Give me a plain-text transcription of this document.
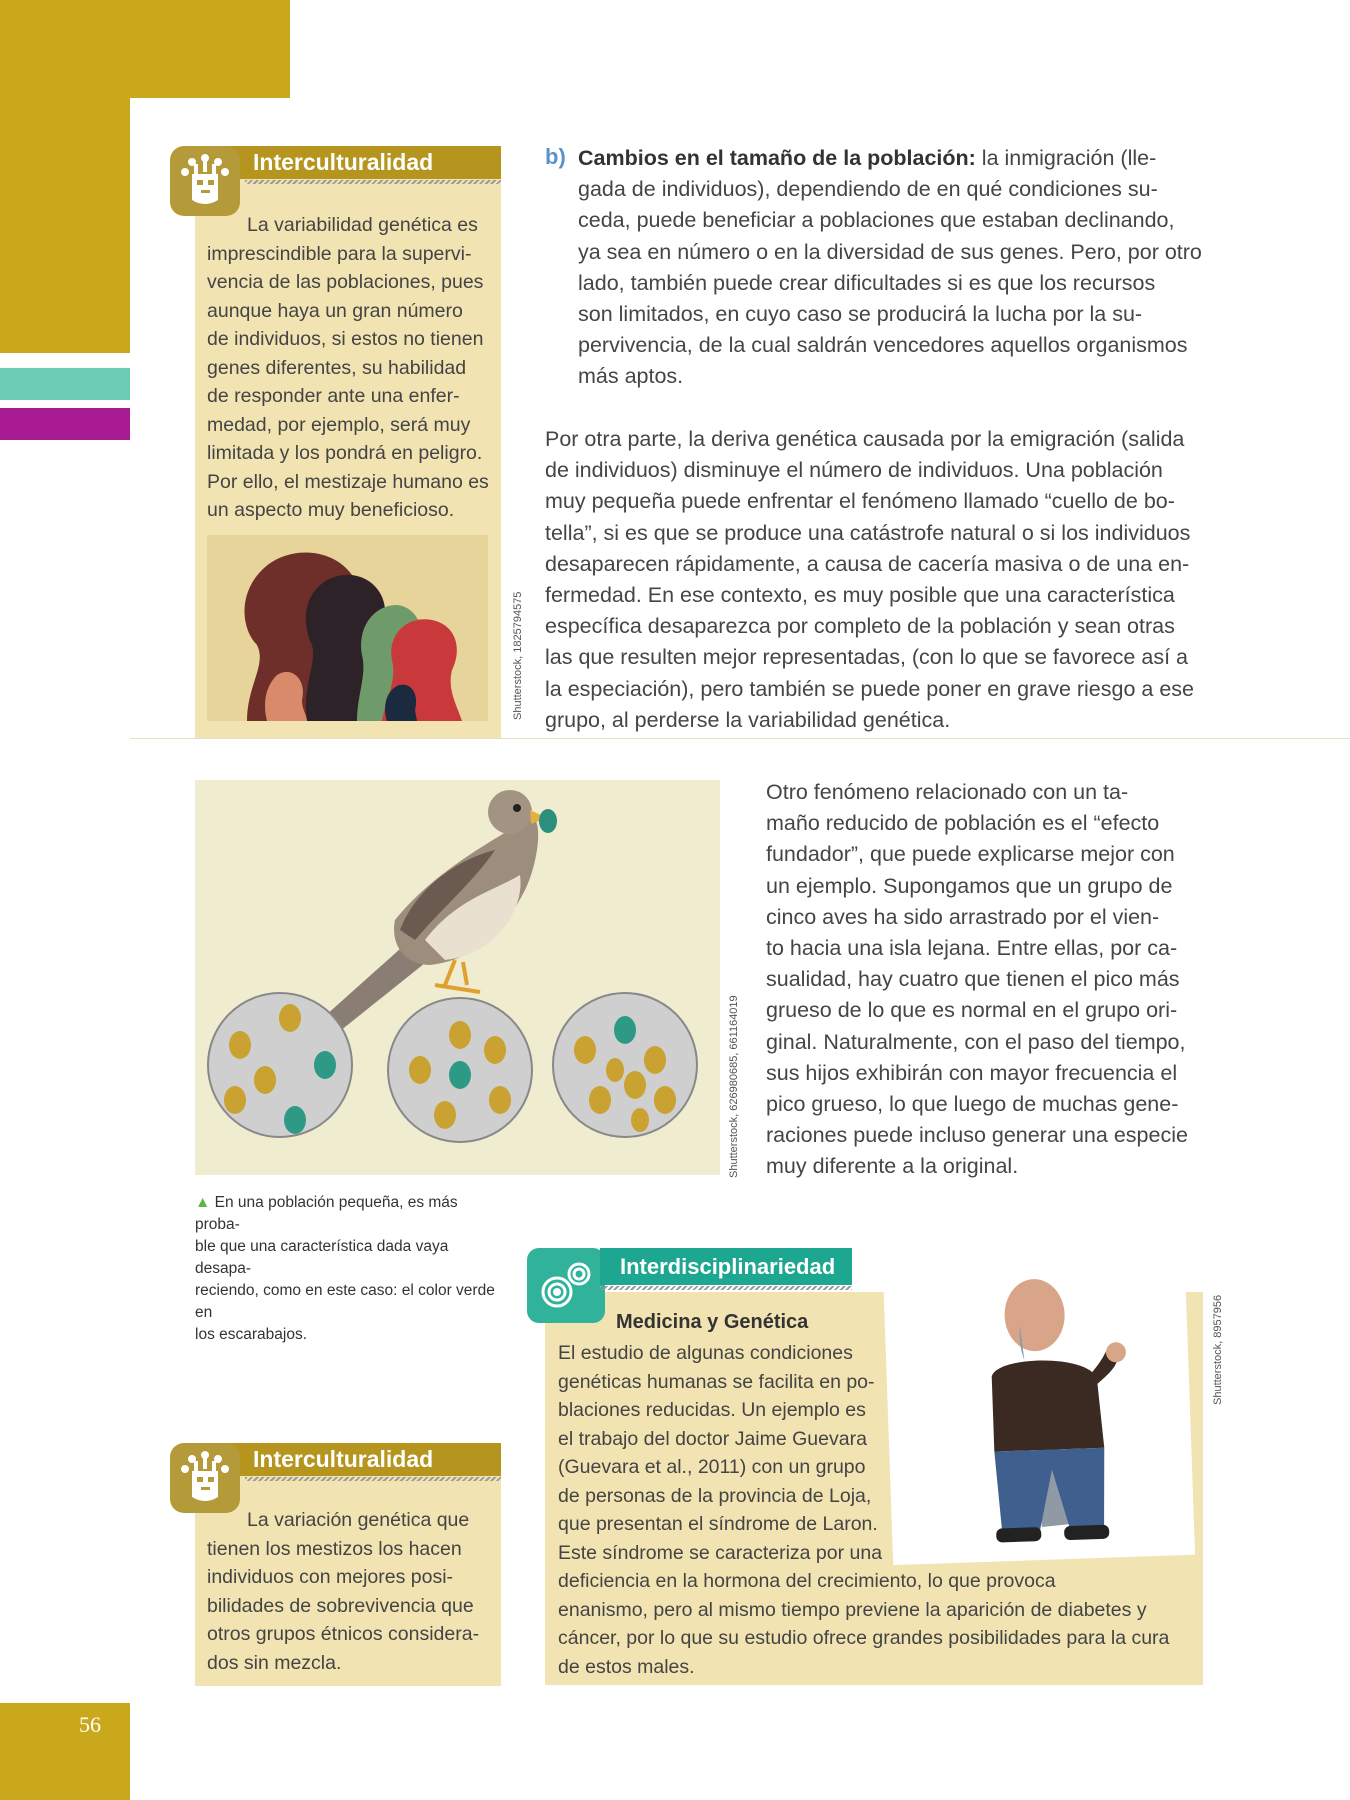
56
Interculturalidad
La variabilidad genética es
imprescindible para la supervi-
vencia de las poblaciones, pues
aunque haya un gran número
de individuos, si estos no tienen
genes diferentes, su habilidad
de responder ante una enfer-
medad, por ejemplo, será muy
limitada y los pondrá en peligro.
Por ello, el mestizaje humano es
un aspecto muy beneficioso.
Shutterstock, 1825794575
b) Cambios en el tamaño de la población: la inmigración (lle-
gada de individuos), dependiendo de en qué condiciones su-
ceda, puede beneficiar a poblaciones que estaban declinando,
ya sea en número o en la diversidad de sus genes. Pero, por otro
lado, también puede crear dificultades si es que los recursos
son limitados, en cuyo caso se producirá la lucha por la su-
pervivencia, de la cual saldrán vencedores aquellos organismos
más aptos.
Por otra parte, la deriva genética causada por la emigración (salida
de individuos) disminuye el número de individuos. Una población
muy pequeña puede enfrentar el fenómeno llamado “cuello de bo-
tella”, si es que se produce una catástrofe natural o si los individuos
desaparecen rápidamente, a causa de cacería masiva o de una en-
fermedad. En ese contexto, es muy posible que una característica
específica desaparezca por completo de la población y sean otras
las que resulten mejor representadas, (con lo que se favorece así a
la especiación), pero también se puede poner en grave riesgo a ese
grupo, al perderse la variabilidad genética.
Shutterstock, 626980685, 661164019
▲ En una población pequeña, es más proba-
ble que una característica dada vaya desapa-
reciendo, como en este caso: el color verde en
los escarabajos.
Otro fenómeno relacionado con un ta-
maño reducido de población es el “efecto
fundador”, que puede explicarse mejor con
un ejemplo. Supongamos que un grupo de
cinco aves ha sido arrastrado por el vien-
to hacia una isla lejana. Entre ellas, por ca-
sualidad, hay cuatro que tienen el pico más
grueso de lo que es normal en el grupo ori-
ginal. Naturalmente, con el paso del tiempo,
sus hijos exhibirán con mayor frecuencia el
pico grueso, lo que luego de muchas gene-
raciones puede incluso generar una especie
muy diferente a la original.
Interculturalidad
La variación genética que
tienen los mestizos los hacen
individuos con mejores posi-
bilidades de sobrevivencia que
otros grupos étnicos considera-
dos sin mezcla.
Shutterstock, 8957956
Interdisciplinariedad
Medicina y Genética
El estudio de algunas condiciones
genéticas humanas se facilita en po-
blaciones reducidas. Un ejemplo es
el trabajo del doctor Jaime Guevara
(Guevara et al., 2011) con un grupo
de personas de la provincia de Loja,
que presentan el síndrome de Laron.
Este síndrome se caracteriza por una
deficiencia en la hormona del crecimiento, lo que provoca
enanismo, pero al mismo tiempo previene la aparición de diabetes y
cáncer, por lo que su estudio ofrece grandes posibilidades para la cura
de estos males.
